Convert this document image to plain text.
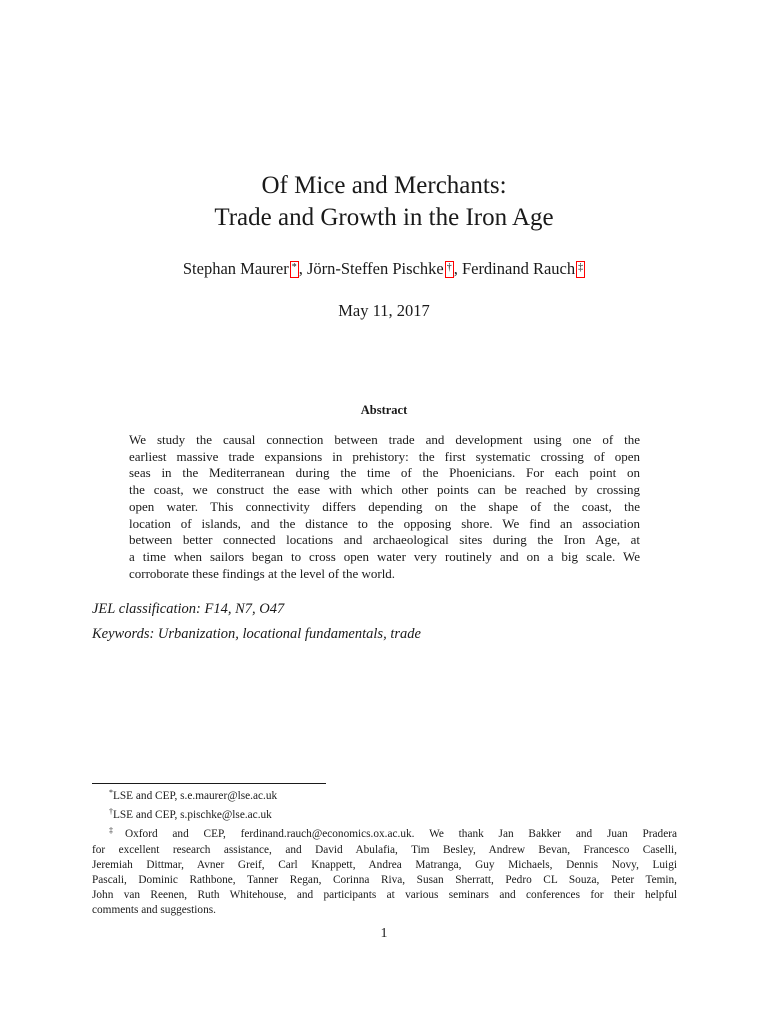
Of Mice and Merchants:
Trade and Growth in the Iron Age
Stephan Maurer * , Jörn-Steffen Pischke † , Ferdinand Rauch ‡
May 11, 2017
Abstract
We study the causal connection between trade and development using one of the
earliest massive trade expansions in prehistory: the first systematic crossing of open
seas in the Mediterranean during the time of the Phoenicians. For each point on
the coast, we construct the ease with which other points can be reached by crossing
open water. This connectivity differs depending on the shape of the coast, the
location of islands, and the distance to the opposing shore. We find an association
between better connected locations and archaeological sites during the Iron Age, at
a time when sailors began to cross open water very routinely and on a big scale. We
corroborate these findings at the level of the world.
JEL classification: F14, N7, O47
Keywords: Urbanization, locational fundamentals, trade
*LSE and CEP, s.e.maurer@lse.ac.uk
†LSE and CEP, s.pischke@lse.ac.uk
‡Oxford and CEP, ferdinand.rauch@economics.ox.ac.uk. We thank Jan Bakker and Juan Pradera
for excellent research assistance, and David Abulafia, Tim Besley, Andrew Bevan, Francesco Caselli,
Jeremiah Dittmar, Avner Greif, Carl Knappett, Andrea Matranga, Guy Michaels, Dennis Novy, Luigi
Pascali, Dominic Rathbone, Tanner Regan, Corinna Riva, Susan Sherratt, Pedro CL Souza, Peter Temin,
John van Reenen, Ruth Whitehouse, and participants at various seminars and conferences for their helpful
comments and suggestions.
1
